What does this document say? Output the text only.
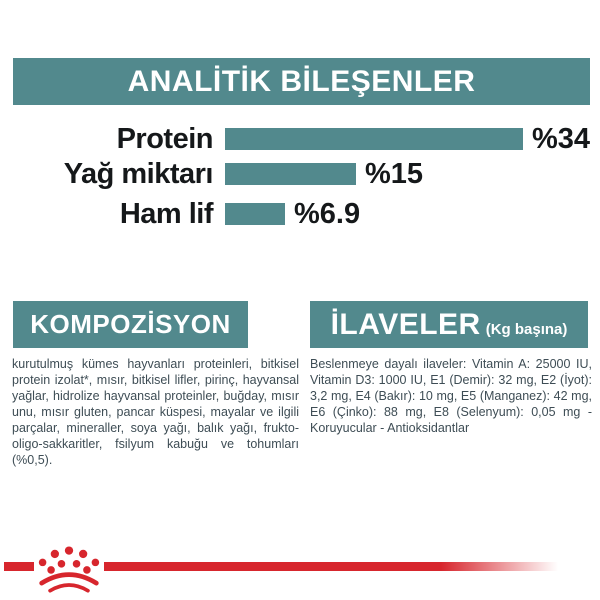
ANALİTİK BİLEŞENLER
Protein	%34
Yağ miktarı	%15
Ham lif	%6.9
KOMPOZİSYON
kurutulmuş kümes hayvanları proteinleri, bitkisel protein izolat*, mısır, bitkisel lifler, pirinç, hayvansal yağlar, hidrolize hayvansal proteinler, buğday, mısır unu, mısır gluten, pancar küspesi, mayalar ve ilgili parçalar, mineraller, soya yağı, balık yağı, frukto-oligo-sakkaritler, fsilyum kabuğu ve tohumları (%0,5).
İLAVELER (Kg başına)
Beslenmeye dayalı ilaveler: Vitamin A: 25000 IU, Vitamin D3: 1000 IU, E1 (Demir): 32 mg, E2 (İyot): 3,2 mg, E4 (Bakır): 10 mg, E5 (Manganez): 42 mg, E6 (Çinko): 88 mg, E8 (Selenyum): 0,05 mg - Koruyucular - Antioksidantlar
